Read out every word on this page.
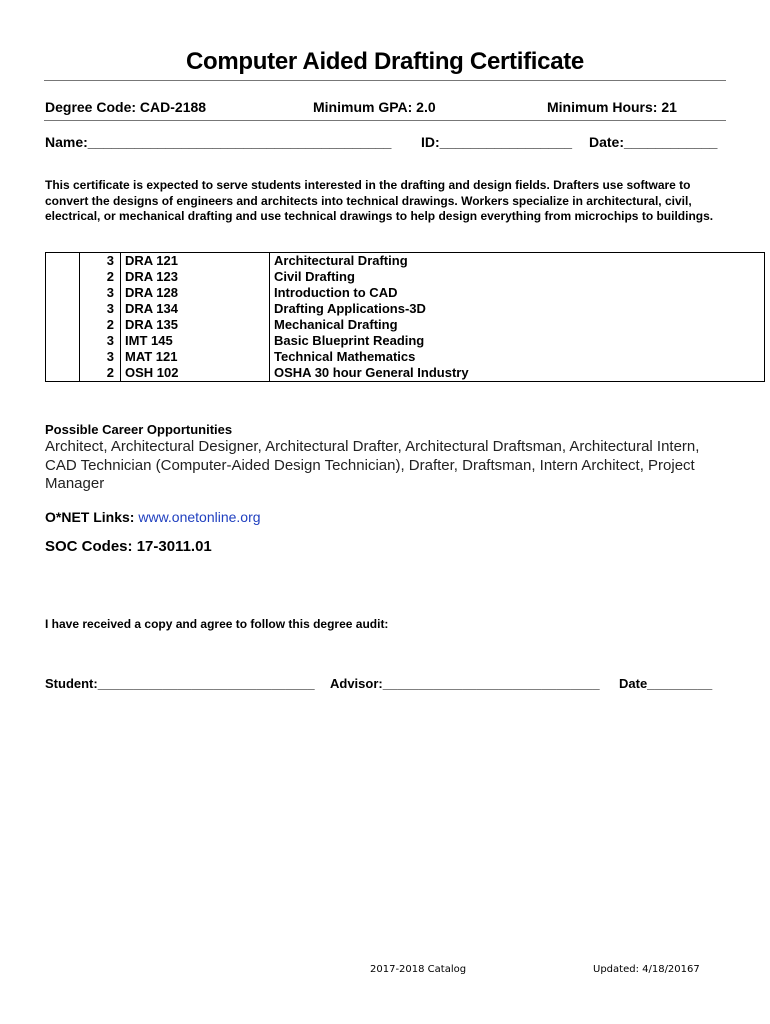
Computer Aided Drafting Certificate
Degree Code: CAD-2188	Minimum GPA: 2.0	Minimum Hours: 21
Name:_______________________________________ ID:_________________ Date:____________
This certificate is expected to serve students interested in the drafting and design fields. Drafters use software to convert the designs of engineers and architects into technical drawings. Workers specialize in architectural, civil, electrical, or mechanical drafting and use technical drawings to help design everything from microchips to buildings.
	3	DRA 121	Architectural Drafting
	2	DRA 123	Civil Drafting
	3	DRA 128	Introduction to CAD
	3	DRA 134	Drafting Applications-3D
	2	DRA 135	Mechanical Drafting
	3	IMT 145	Basic Blueprint Reading
	3	MAT 121	Technical Mathematics
	2	OSH 102	OSHA 30 hour General Industry
Possible Career Opportunities
Architect, Architectural Designer, Architectural Drafter, Architectural Draftsman, Architectural Intern, CAD Technician (Computer-Aided Design Technician), Drafter, Draftsman, Intern Architect, Project Manager
O*NET Links: www.onetonline.org
SOC Codes: 17-3011.01
I have received a copy and agree to follow this degree audit:
Student:______________________________ Advisor:______________________________ Date_________
2017-2018 Catalog	Updated: 4/18/20167
